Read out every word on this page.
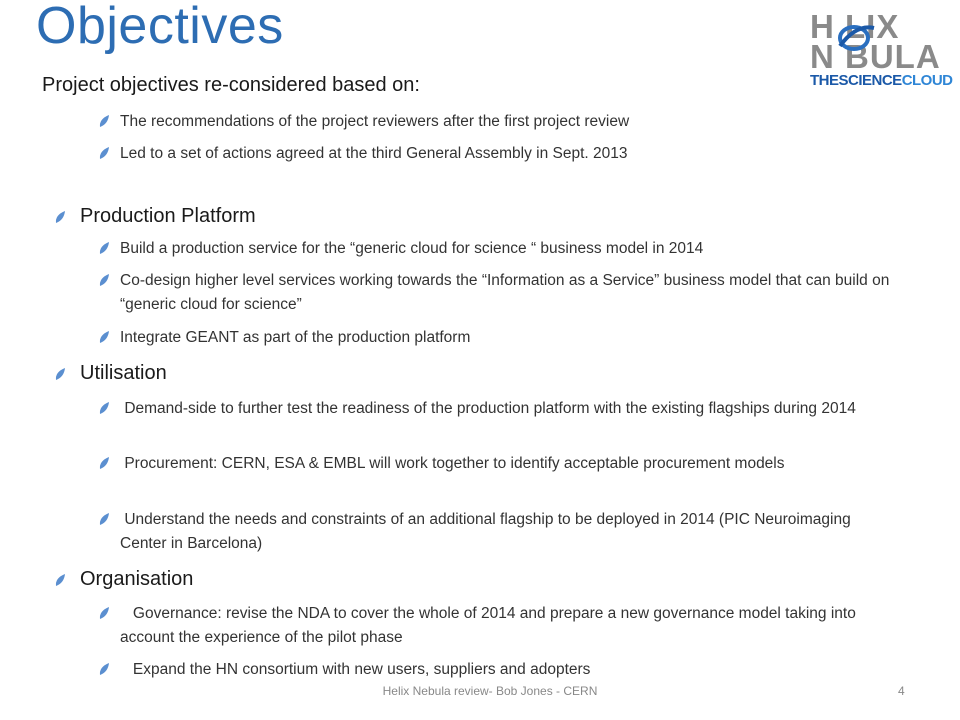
Objectives	H LIX
N BULA
THESCIENCECLOUD
Project objectives re-considered based on:
The recommendations of the project reviewers after the first project review
Led to a set of actions agreed at the third General Assembly in Sept. 2013
Production Platform
Build a production service for the “generic cloud for science “ business model in 2014
Co-design higher level services working towards the “Information as a Service” business model that can build on “generic cloud for science”
Integrate GEANT as part of the production platform
Utilisation
Demand-side to further test the readiness of the production platform with the existing flagships during 2014
Procurement: CERN, ESA & EMBL will work together to identify acceptable procurement models
Understand the needs and constraints of an additional flagship to be deployed in 2014 (PIC Neuroimaging Center in Barcelona)
Organisation
Governance: revise the NDA to cover the whole of 2014 and prepare a new governance model taking into account the experience of the pilot phase
Expand the HN consortium with new users, suppliers and adopters
Helix Nebula review- Bob Jones - CERN	4
